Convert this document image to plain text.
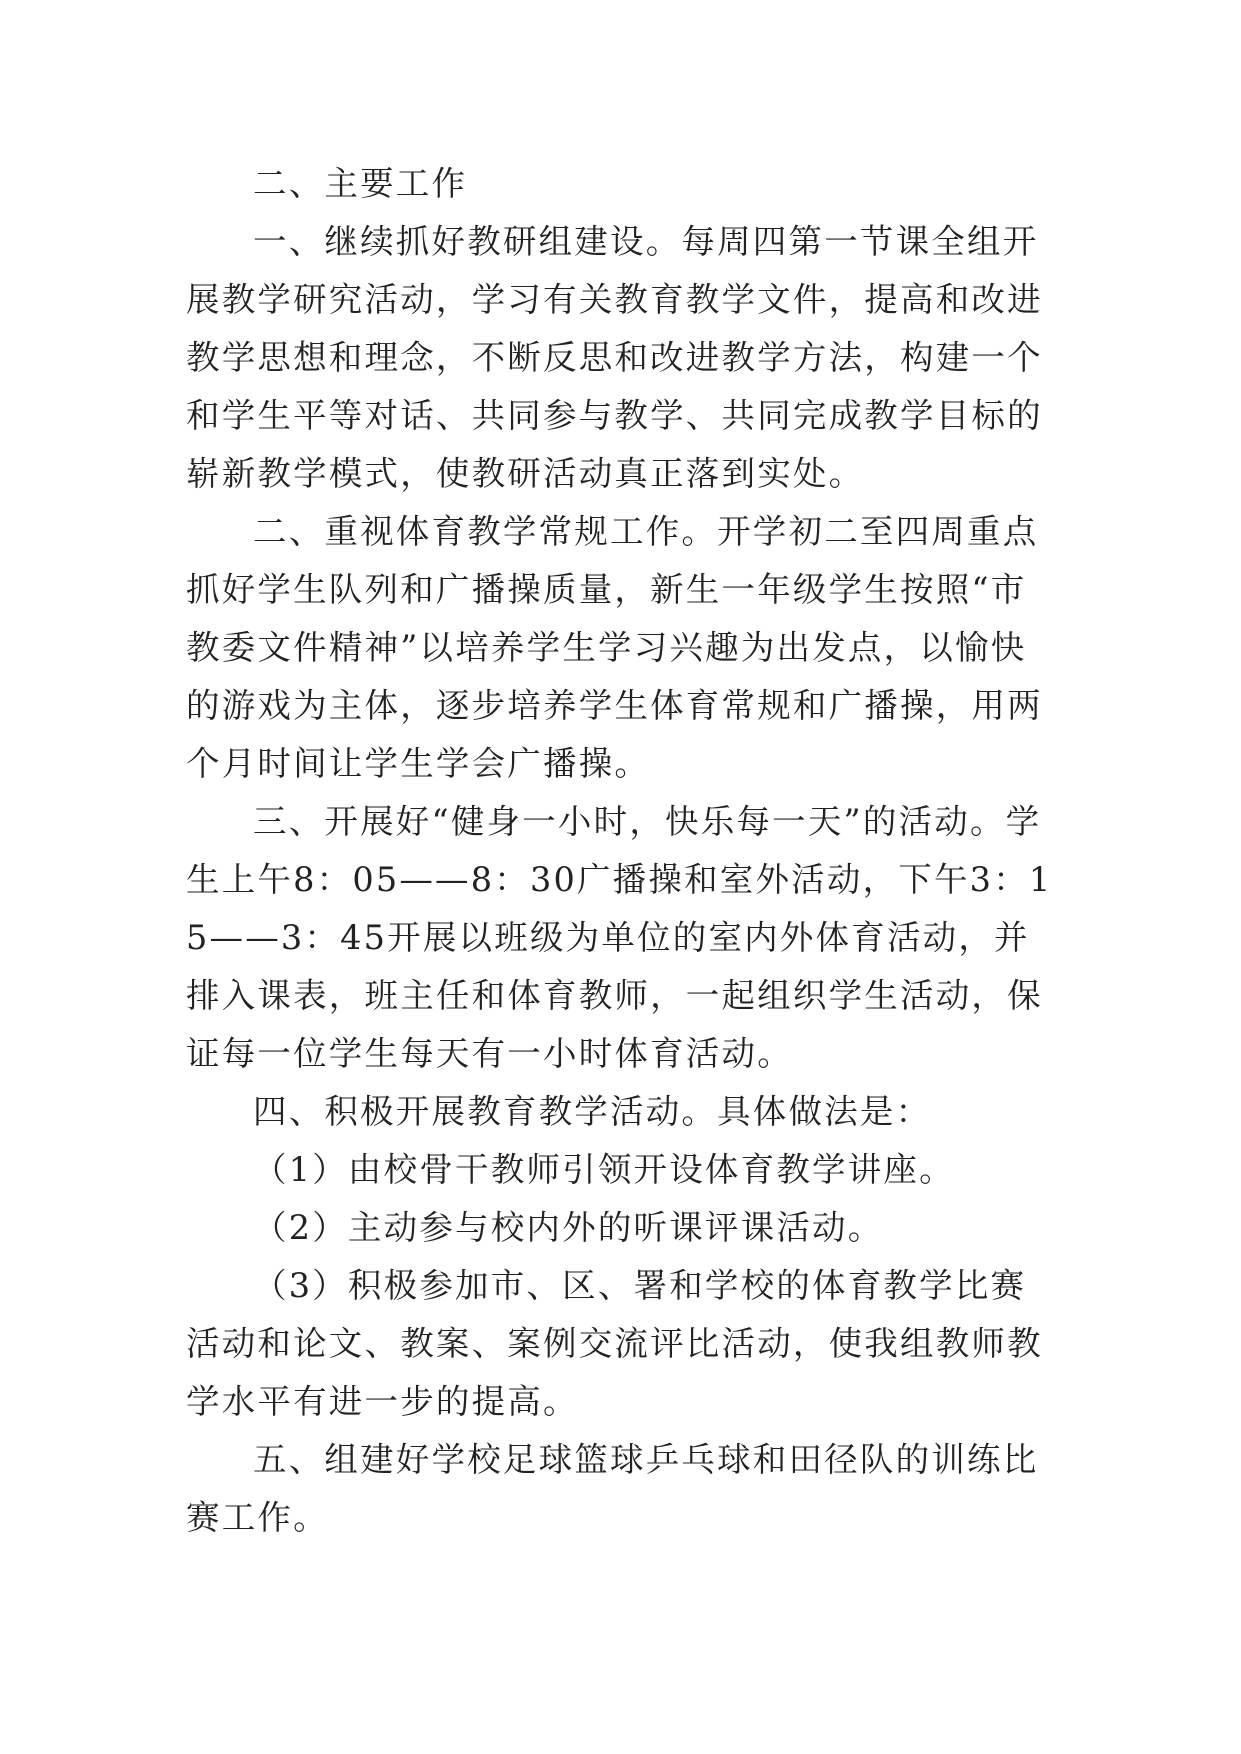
二、主要工作

一、继续抓好教研组建设。每周四第一节课全组开展教学研究活动，学习有关教育教学文件，提高和改进教学思想和理念，不断反思和改进教学方法，构建一个和学生平等对话、共同参与教学、共同完成教学目标的崭新教学模式，使教研活动真正落到实处。

二、重视体育教学常规工作。开学初二至四周重点抓好学生队列和广播操质量，新生一年级学生按照“市教委文件精神”以培养学生学习兴趣为出发点，以愉快的游戏为主体，逐步培养学生体育常规和广播操，用两个月时间让学生学会广播操。

三、开展好“健身一小时，快乐每一天”的活动。学生上午8：05——8：30广播操和室外活动，下午3：15——3：45开展以班级为单位的室内外体育活动，并排入课表，班主任和体育教师，一起组织学生活动，保证每一位学生每天有一小时体育活动。

四、积极开展教育教学活动。具体做法是：

（1）由校骨干教师引领开设体育教学讲座。

（2）主动参与校内外的听课评课活动。

（3）积极参加市、区、署和学校的体育教学比赛活动和论文、教案、案例交流评比活动，使我组教师教学水平有进一步的提高。

五、组建好学校足球篮球乒乓球和田径队的训练比赛工作。
